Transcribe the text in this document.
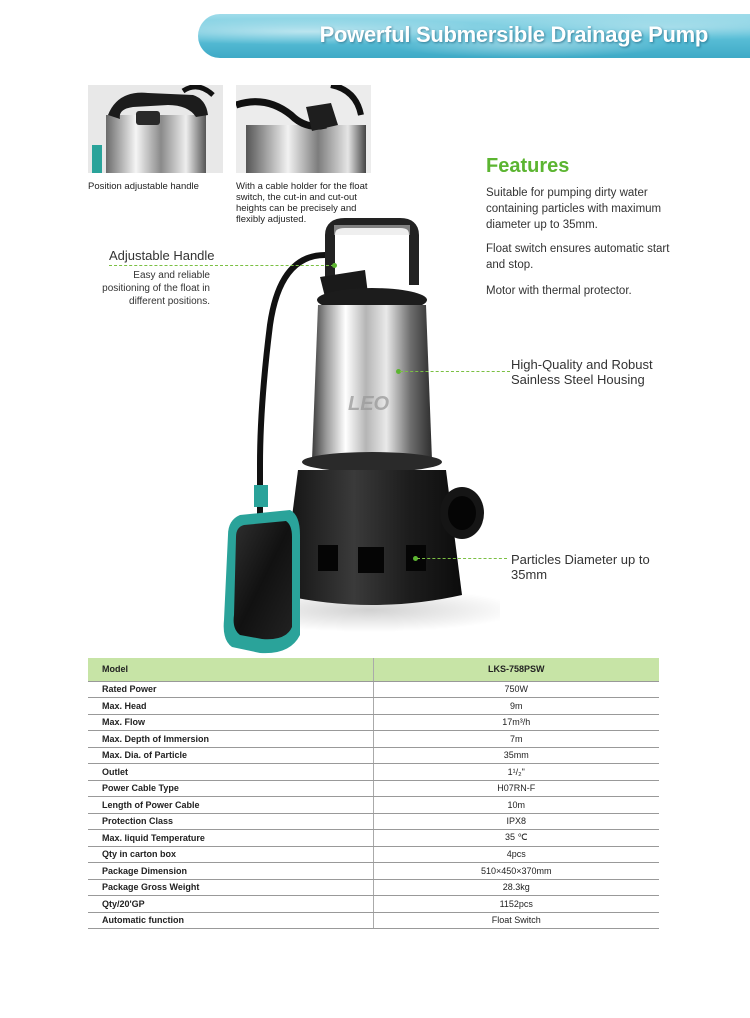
Powerful Submersible Drainage Pump
Position adjustable handle	With a cable holder for the float switch, the cut-in and cut-out heights can be precisely and flexibly adjusted.
Features
Suitable for pumping dirty water containing particles with maximum diameter up to 35mm.
Float switch ensures automatic start and stop.
Motor with thermal protector.
LEO
Adjustable Handle
Easy and reliable positioning of the float in different positions.
High-Quality and Robust Sainless Steel Housing
Particles Diameter up to 35mm
Model	LKS-758PSW
Rated Power	750W
Max. Head	9m
Max. Flow	17m³/h
Max. Depth of Immersion	7m
Max. Dia. of Particle	35mm
Outlet	1¹/₂"
Power Cable Type	H07RN-F
Length of Power Cable	10m
Protection Class	IPX8
Max. liquid Temperature	35 ℃
Qty in carton box	4pcs
Package Dimension	510×450×370mm
Package Gross Weight	28.3kg
Qty/20'GP	1152pcs
Automatic function	Float Switch
